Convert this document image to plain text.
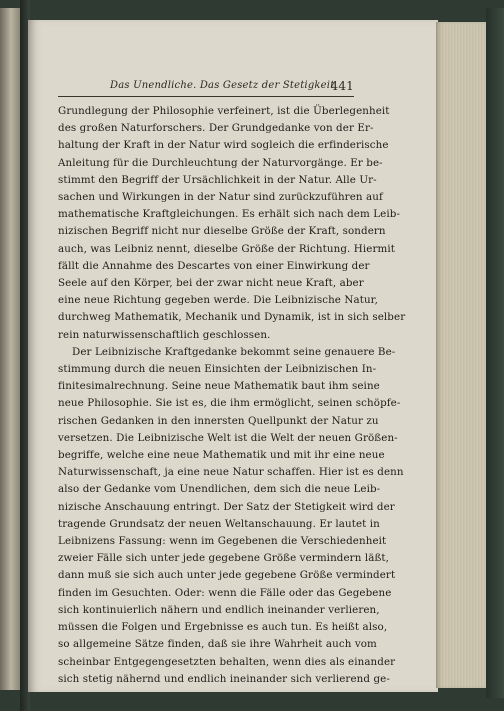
Das Unendliche. Das Gesetz der Stetigkeit
441

Grundlegung der Philosophie verfeinert, ist die Überlegenheit
des großen Naturforschers. Der Grundgedanke von der Er-
haltung der Kraft in der Natur wird sogleich die erfinderische
Anleitung für die Durchleuchtung der Naturvorgänge. Er be-
stimmt den Begriff der Ursächlichkeit in der Natur. Alle Ur-
sachen und Wirkungen in der Natur sind zurückzuführen auf
mathematische Kraftgleichungen. Es erhält sich nach dem Leib-
nizischen Begriff nicht nur dieselbe Größe der Kraft, sondern
auch, was Leibniz nennt, dieselbe Größe der Richtung. Hiermit
fällt die Annahme des Descartes von einer Einwirkung der
Seele auf den Körper, bei der zwar nicht neue Kraft, aber
eine neue Richtung gegeben werde. Die Leibnizische Natur,
durchweg Mathematik, Mechanik und Dynamik, ist in sich selber
rein naturwissenschaftlich geschlossen.

Der Leibnizische Kraftgedanke bekommt seine genauere Be-
stimmung durch die neuen Einsichten der Leibnizischen In-
finitesimalrechnung. Seine neue Mathematik baut ihm seine
neue Philosophie. Sie ist es, die ihm ermöglicht, seinen schöpfe-
rischen Gedanken in den innersten Quellpunkt der Natur zu
versetzen. Die Leibnizische Welt ist die Welt der neuen Größen-
begriffe, welche eine neue Mathematik und mit ihr eine neue
Naturwissenschaft, ja eine neue Natur schaffen. Hier ist es denn
also der Gedanke vom Unendlichen, dem sich die neue Leib-
nizische Anschauung entringt. Der Satz der Stetigkeit wird der
tragende Grundsatz der neuen Weltanschauung. Er lautet in
Leibnizens Fassung: wenn im Gegebenen die Verschiedenheit
zweier Fälle sich unter jede gegebene Größe vermindern läßt,
dann muß sie sich auch unter jede gegebene Größe vermindert
finden im Gesuchten. Oder: wenn die Fälle oder das Gegebene
sich kontinuierlich nähern und endlich ineinander verlieren,
müssen die Folgen und Ergebnisse es auch tun. Es heißt also,
so allgemeine Sätze finden, daß sie ihre Wahrheit auch vom
scheinbar Entgegengesetzten behalten, wenn dies als einander
sich stetig nähernd und endlich ineinander sich verlierend ge-
